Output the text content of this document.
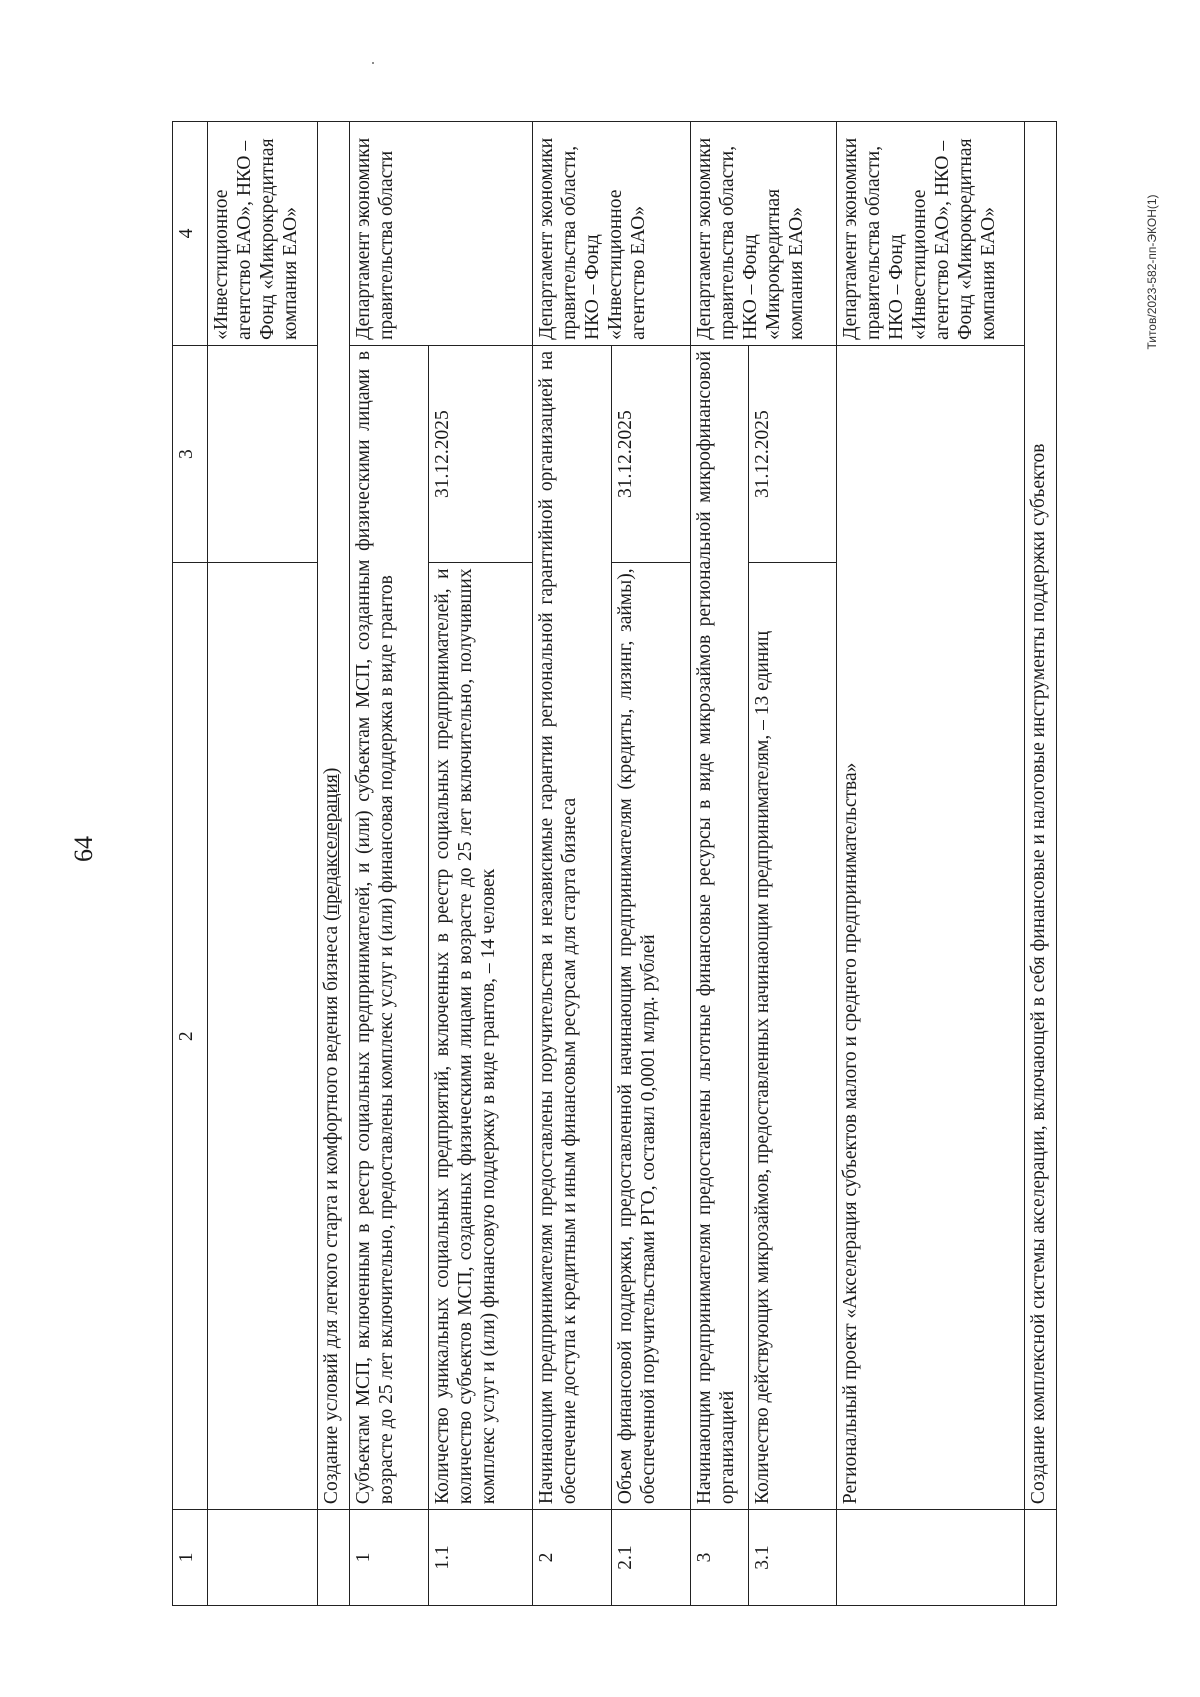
64
Титов/2023-582-пп-ЭКОН(1)
1	2	3	4
			«Инвестиционное агентство ЕАО», НКО – Фонд «Микрокредитная компания ЕАО»
	Создание условий для легкого старта и комфортного ведения бизнеса (предакселерация)		
1	Субъектам МСП, включенным в реестр социальных предпринимателей, и (или) субъектам МСП, созданным физическими лицами в возрасте до 25 лет включительно, предоставлены комплекс услуг и (или) финансовая поддержка в виде грантов		Департамент экономики правительства области
1.1	Количество уникальных социальных предприятий, включенных в реестр социальных предпринимателей, и количество субъектов МСП, созданных физическими лицами в возрасте до 25 лет включительно, получивших комплекс услуг и (или) финансовую поддержку в виде грантов, – 14 человек	31.12.2025	
2	Начинающим предпринимателям предоставлены поручительства и независимые гарантии региональной гарантийной организацией на обеспечение доступа к кредитным и иным финансовым ресурсам для старта бизнеса		Департамент экономики правительства области, НКО – Фонд «Инвестиционное агентство ЕАО»
2.1	Объем финансовой поддержки, предоставленной начинающим предпринимателям (кредиты, лизинг, займы), обеспеченной поручительствами РГО, составил 0,0001 млрд. рублей	31.12.2025	
3	Начинающим предпринимателям предоставлены льготные финансовые ресурсы в виде микрозаймов региональной микрофинансовой организацией		Департамент экономики правительства области, НКО – Фонд «Микрокредитная компания ЕАО»
3.1	Количество действующих микрозаймов, предоставленных начинающим предпринимателям, – 13 единиц	31.12.2025	
	Региональный проект «Акселерация субъектов малого и среднего предпринимательства»		Департамент экономики правительства области, НКО – Фонд «Инвестиционное агентство ЕАО», НКО – Фонд «Микрокредитная компания ЕАО»
	Создание комплексной системы акселерации, включающей в себя финансовые и налоговые инструменты поддержки субъектов		
